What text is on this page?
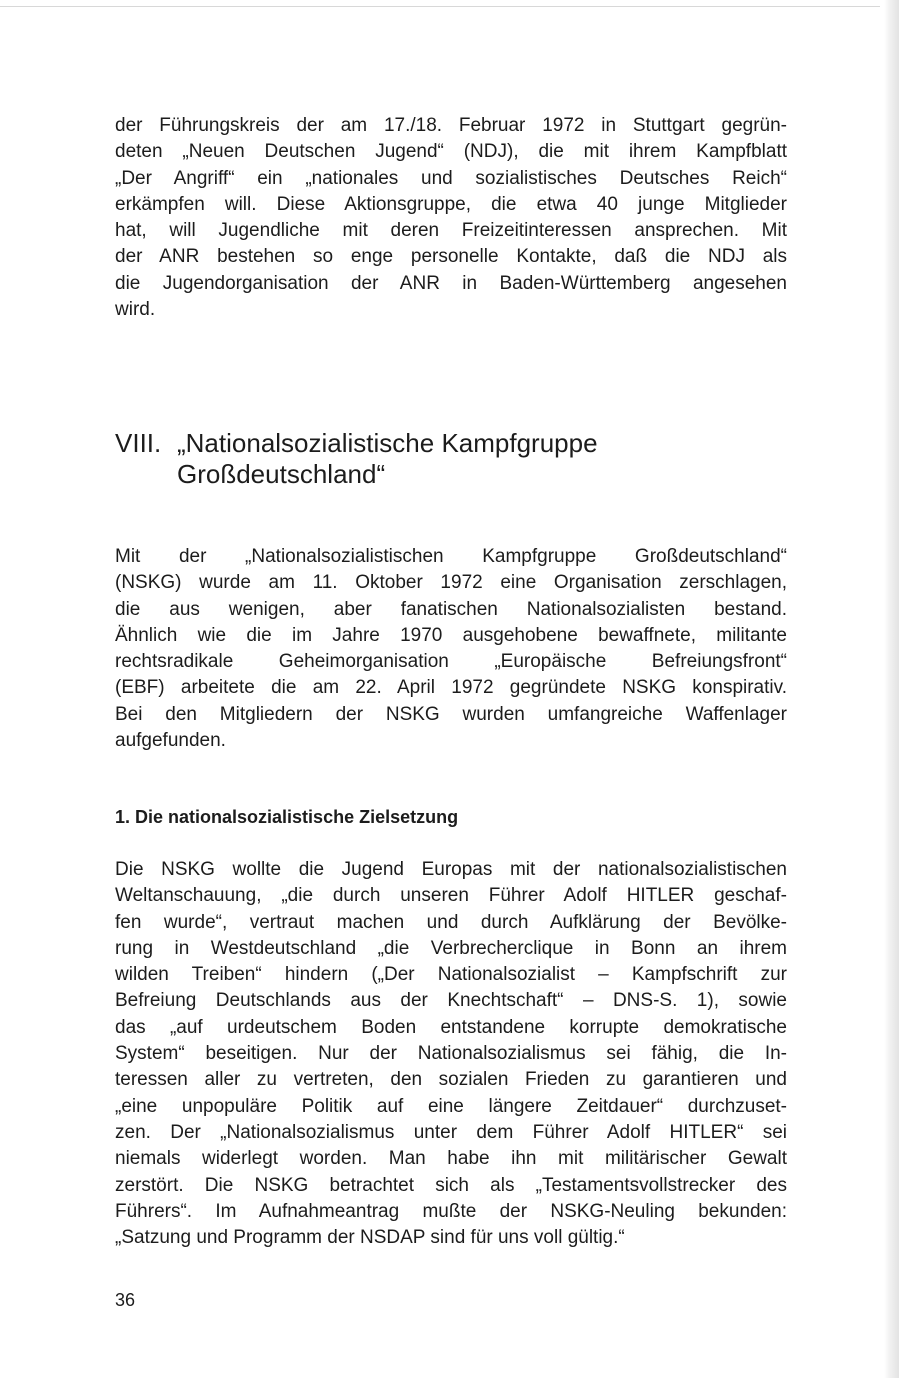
der Führungskreis der am 17./18. Februar 1972 in Stuttgart gegrün-
deten „Neuen Deutschen Jugend“ (NDJ), die mit ihrem Kampfblatt
„Der Angriff“ ein „nationales und sozialistisches Deutsches Reich“
erkämpfen will. Diese Aktionsgruppe, die etwa 40 junge Mitglieder
hat, will Jugendliche mit deren Freizeitinteressen ansprechen. Mit
der ANR bestehen so enge personelle Kontakte, daß die NDJ als
die Jugendorganisation der ANR in Baden-Württemberg angesehen
wird.

VIII. „Nationalsozialistische Kampfgruppe
Großdeutschland“

Mit der „Nationalsozialistischen Kampfgruppe Großdeutschland“
(NSKG) wurde am 11. Oktober 1972 eine Organisation zerschlagen,
die aus wenigen, aber fanatischen Nationalsozialisten bestand.
Ähnlich wie die im Jahre 1970 ausgehobene bewaffnete, militante
rechtsradikale Geheimorganisation „Europäische Befreiungsfront“
(EBF) arbeitete die am 22. April 1972 gegründete NSKG konspirativ.
Bei den Mitgliedern der NSKG wurden umfangreiche Waffenlager
aufgefunden.

1. Die nationalsozialistische Zielsetzung

Die NSKG wollte die Jugend Europas mit der nationalsozialistischen
Weltanschauung, „die durch unseren Führer Adolf HITLER geschaf-
fen wurde“, vertraut machen und durch Aufklärung der Bevölke-
rung in Westdeutschland „die Verbrecherclique in Bonn an ihrem
wilden Treiben“ hindern („Der Nationalsozialist – Kampfschrift zur
Befreiung Deutschlands aus der Knechtschaft“ – DNS-S. 1), sowie
das „auf urdeutschem Boden entstandene korrupte demokratische
System“ beseitigen. Nur der Nationalsozialismus sei fähig, die In-
teressen aller zu vertreten, den sozialen Frieden zu garantieren und
„eine unpopuläre Politik auf eine längere Zeitdauer“ durchzuset-
zen. Der „Nationalsozialismus unter dem Führer Adolf HITLER“ sei
niemals widerlegt worden. Man habe ihn mit militärischer Gewalt
zerstört. Die NSKG betrachtet sich als „Testamentsvollstrecker des
Führers“. Im Aufnahmeantrag mußte der NSKG-Neuling bekunden:
„Satzung und Programm der NSDAP sind für uns voll gültig.“

36
